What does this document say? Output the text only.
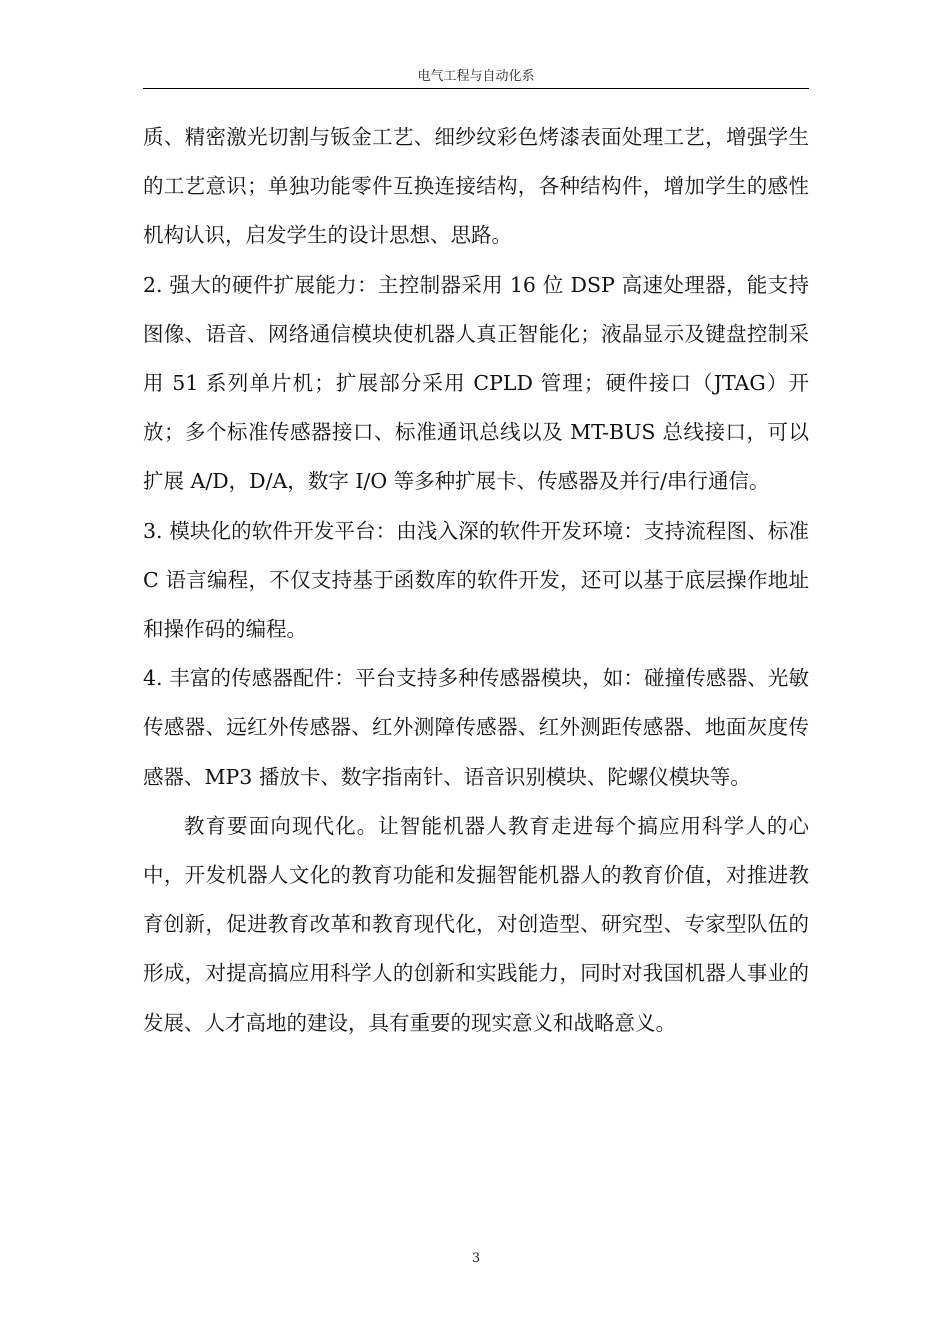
电气工程与自动化系

质、精密激光切割与钣金工艺、细纱纹彩色烤漆表面处理工艺，增强学生的工艺意识；单独功能零件互换连接结构，各种结构件，增加学生的感性机构认识，启发学生的设计思想、思路。

2. 强大的硬件扩展能力：主控制器采用 16 位 DSP 高速处理器，能支持图像、语音、网络通信模块使机器人真正智能化；液晶显示及键盘控制采用 51 系列单片机；扩展部分采用 CPLD 管理；硬件接口（JTAG）开放；多个标准传感器接口、标准通讯总线以及 MT-BUS 总线接口，可以扩展 A/D，D/A，数字 I/O 等多种扩展卡、传感器及并行/串行通信。

3. 模块化的软件开发平台：由浅入深的软件开发环境：支持流程图、标准 C 语言编程，不仅支持基于函数库的软件开发，还可以基于底层操作地址和操作码的编程。

4. 丰富的传感器配件：平台支持多种传感器模块，如：碰撞传感器、光敏传感器、远红外传感器、红外测障传感器、红外测距传感器、地面灰度传感器、MP3 播放卡、数字指南针、语音识别模块、陀螺仪模块等。

教育要面向现代化。让智能机器人教育走进每个搞应用科学人的心中，开发机器人文化的教育功能和发掘智能机器人的教育价值，对推进教育创新，促进教育改革和教育现代化，对创造型、研究型、专家型队伍的形成，对提高搞应用科学人的创新和实践能力，同时对我国机器人事业的发展、人才高地的建设，具有重要的现实意义和战略意义。

3
